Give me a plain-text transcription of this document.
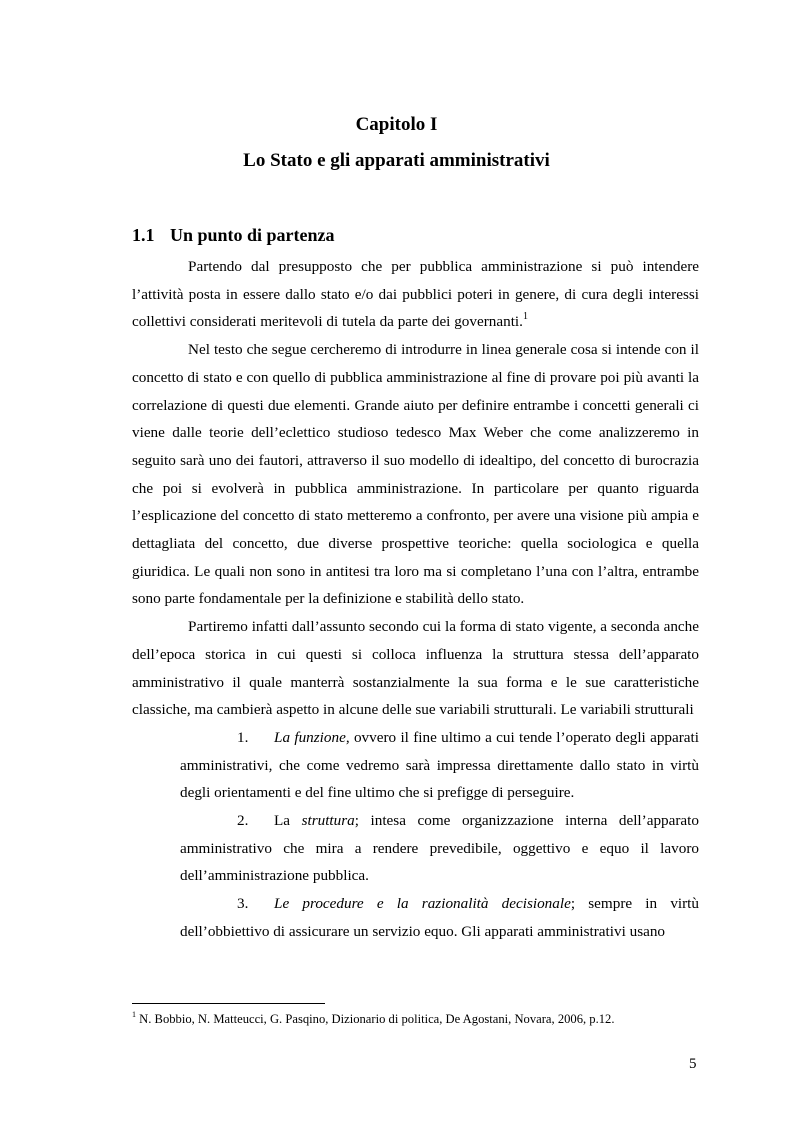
Capitolo I
Lo Stato e gli apparati amministrativi
1.1 Un punto di partenza

Partendo dal presupposto che per pubblica amministrazione si può intendere l’attività posta in essere dallo stato e/o dai pubblici poteri in genere, di cura degli interessi collettivi considerati meritevoli di tutela da parte dei governanti.$^1$

Nel testo che segue cercheremo di introdurre in linea generale cosa si intende con il concetto di stato e con quello di pubblica amministrazione al fine di provare poi più avanti la correlazione di questi due elementi. Grande aiuto per definire entrambe i concetti generali ci viene dalle teorie dell’eclettico studioso tedesco Max Weber che come analizzeremo in seguito sarà uno dei fautori, attraverso il suo modello di idealtipo, del concetto di burocrazia che poi si evolverà in pubblica amministrazione. In particolare per quanto riguarda l’esplicazione del concetto di stato metteremo a confronto, per avere una visione più ampia e dettagliata del concetto, due diverse prospettive teoriche: quella sociologica e quella giuridica. Le quali non sono in antitesi tra loro ma si completano l’una con l’altra, entrambe sono parte fondamentale per la definizione e stabilità dello stato.

Partiremo infatti dall’assunto secondo cui la forma di stato vigente, a seconda anche dell’epoca storica in cui questi si colloca influenza la struttura stessa dell’apparato amministrativo il quale manterrà sostanzialmente la sua forma e le sue caratteristiche classiche, ma cambierà aspetto in alcune delle sue variabili strutturali. Le variabili strutturali

1. La funzione, ovvero il fine ultimo a cui tende l’operato degli apparati amministrativi, che come vedremo sarà impressa direttamente dallo stato in virtù degli orientamenti e del fine ultimo che si prefigge di perseguire.
2. La struttura; intesa come organizzazione interna dell’apparato amministrativo che mira a rendere prevedibile, oggettivo e equo il lavoro dell’amministrazione pubblica.
3. Le procedure e la razionalità decisionale; sempre in virtù dell’obbiettivo di assicurare un servizio equo. Gli apparati amministrativi usano
$^1$ N. Bobbio, N. Matteucci, G. Pasqino, Dizionario di politica, De Agostani, Novara, 2006, p.12.
5
